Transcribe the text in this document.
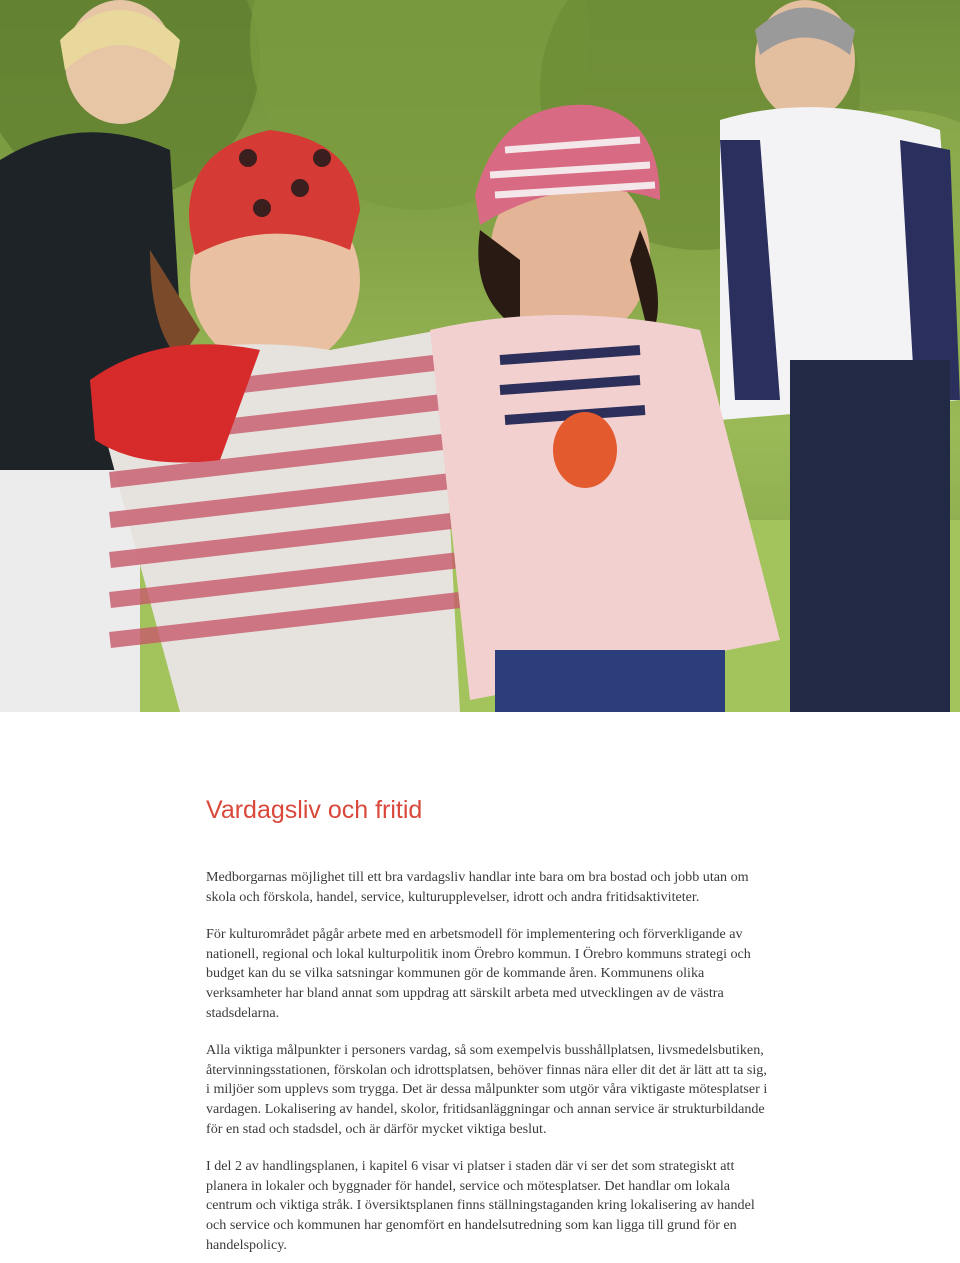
Vardagsliv och fritid

Medborgarnas möjlighet till ett bra vardagsliv handlar inte bara om bra bostad och jobb utan om skola och förskola, handel, service, kulturupplevelser, idrott och andra fritidsaktiviteter.

För kulturområdet pågår arbete med en arbetsmodell för implementering och förverkligande av nationell, regional och lokal kulturpolitik inom Örebro kommun. I Örebro kommuns strategi och budget kan du se vilka satsningar kommunen gör de kommande åren. Kommunens olika verksamheter har bland annat som uppdrag att särskilt arbeta med utvecklingen av de västra stadsdelarna.

Alla viktiga målpunkter i personers vardag, så som exempelvis busshållplatsen, livsmedelsbutiken, återvinningsstationen, förskolan och idrottsplatsen, behöver finnas nära eller dit det är lätt att ta sig, i miljöer som upplevs som trygga. Det är dessa målpunkter som utgör våra viktigaste mötesplatser i vardagen. Lokalisering av handel, skolor, fritidsanläggningar och annan service är strukturbildande för en stad och stadsdel, och är därför mycket viktiga beslut.

I del 2 av handlingsplanen, i kapitel 6 visar vi platser i staden där vi ser det som strategiskt att planera in lokaler och byggnader för handel, service och mötesplatser. Det handlar om lokala centrum och viktiga stråk. I översiktsplanen finns ställningstaganden kring lokalisering av handel och service och kommunen har genomfört en handelsutredning som kan ligga till grund för en handelspolicy.
